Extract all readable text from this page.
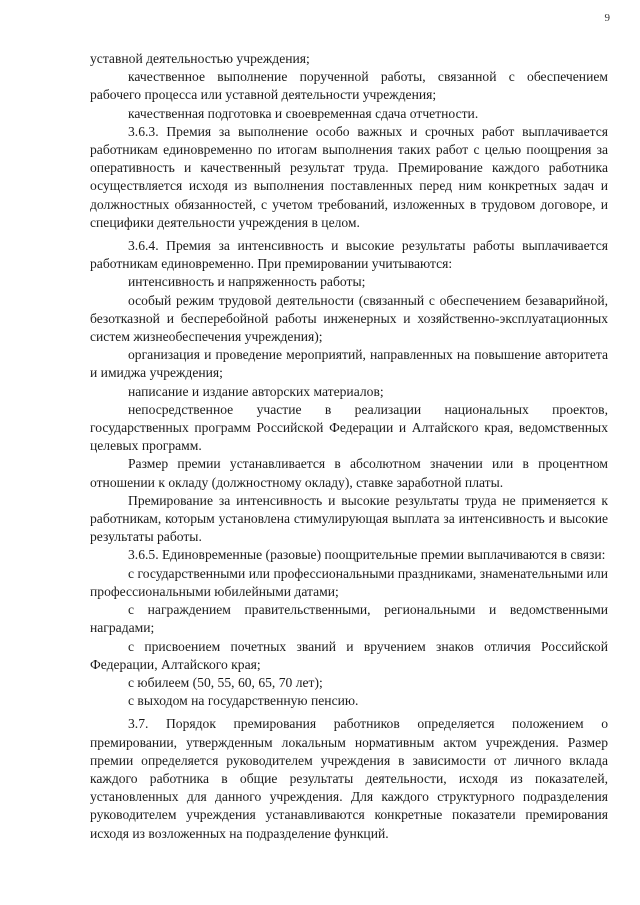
9

уставной деятельностью учреждения;

качественное выполнение порученной работы, связанной с обеспечением рабочего процесса или уставной деятельности учреждения;

качественная подготовка и своевременная сдача отчетности.

3.6.3. Премия за выполнение особо важных и срочных работ выплачивается работникам единовременно по итогам выполнения таких работ с целью поощрения за оперативность и качественный результат труда. Премирование каждого работника осуществляется исходя из выполнения поставленных перед ним конкретных задач и должностных обязанностей, с учетом требований, изложенных в трудовом договоре, и специфики деятельности учреждения в целом.

3.6.4. Премия за интенсивность и высокие результаты работы выплачивается работникам единовременно. При премировании учитываются:

интенсивность и напряженность работы;

особый режим трудовой деятельности (связанный с обеспечением безаварийной, безотказной и бесперебойной работы инженерных и хозяйственно-эксплуатационных систем жизнеобеспечения учреждения);

организация и проведение мероприятий, направленных на повышение авторитета и имиджа учреждения;

написание и издание авторских материалов;

непосредственное участие в реализации национальных проектов, государственных программ Российской Федерации и Алтайского края, ведомственных целевых программ.

Размер премии устанавливается в абсолютном значении или в процентном отношении к окладу (должностному окладу), ставке заработной платы.

Премирование за интенсивность и высокие результаты труда не применяется к работникам, которым установлена стимулирующая выплата за интенсивность и высокие результаты работы.

3.6.5. Единовременные (разовые) поощрительные премии выплачиваются в связи:

с государственными или профессиональными праздниками, знаменательными или профессиональными юбилейными датами;

с награждением правительственными, региональными и ведомственными наградами;

с присвоением почетных званий и вручением знаков отличия Российской Федерации, Алтайского края;

с юбилеем (50, 55, 60, 65, 70 лет);

с выходом на государственную пенсию.

3.7. Порядок премирования работников определяется положением о премировании, утвержденным локальным нормативным актом учреждения. Размер премии определяется руководителем учреждения в зависимости от личного вклада каждого работника в общие результаты деятельности, исходя из показателей, установленных для данного учреждения. Для каждого структурного подразделения руководителем учреждения устанавливаются конкретные показатели премирования исходя из возложенных на подразделение функций.
